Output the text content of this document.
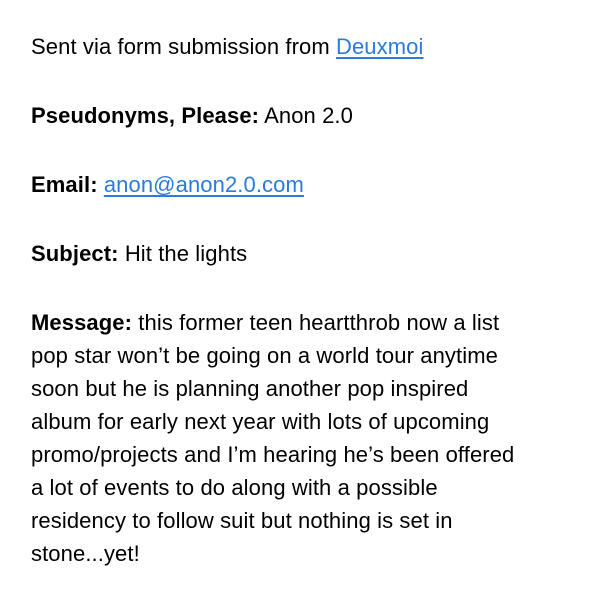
Sent via form submission from Deuxmoi
Pseudonyms, Please: Anon 2.0
Email: anon@anon2.0.com
Subject: Hit the lights
Message: this former teen heartthrob now a list
pop star won’t be going on a world tour anytime
soon but he is planning another pop inspired
album for early next year with lots of upcoming
promo/projects and I’m hearing he’s been offered
a lot of events to do along with a possible
residency to follow suit but nothing is set in
stone...yet!
